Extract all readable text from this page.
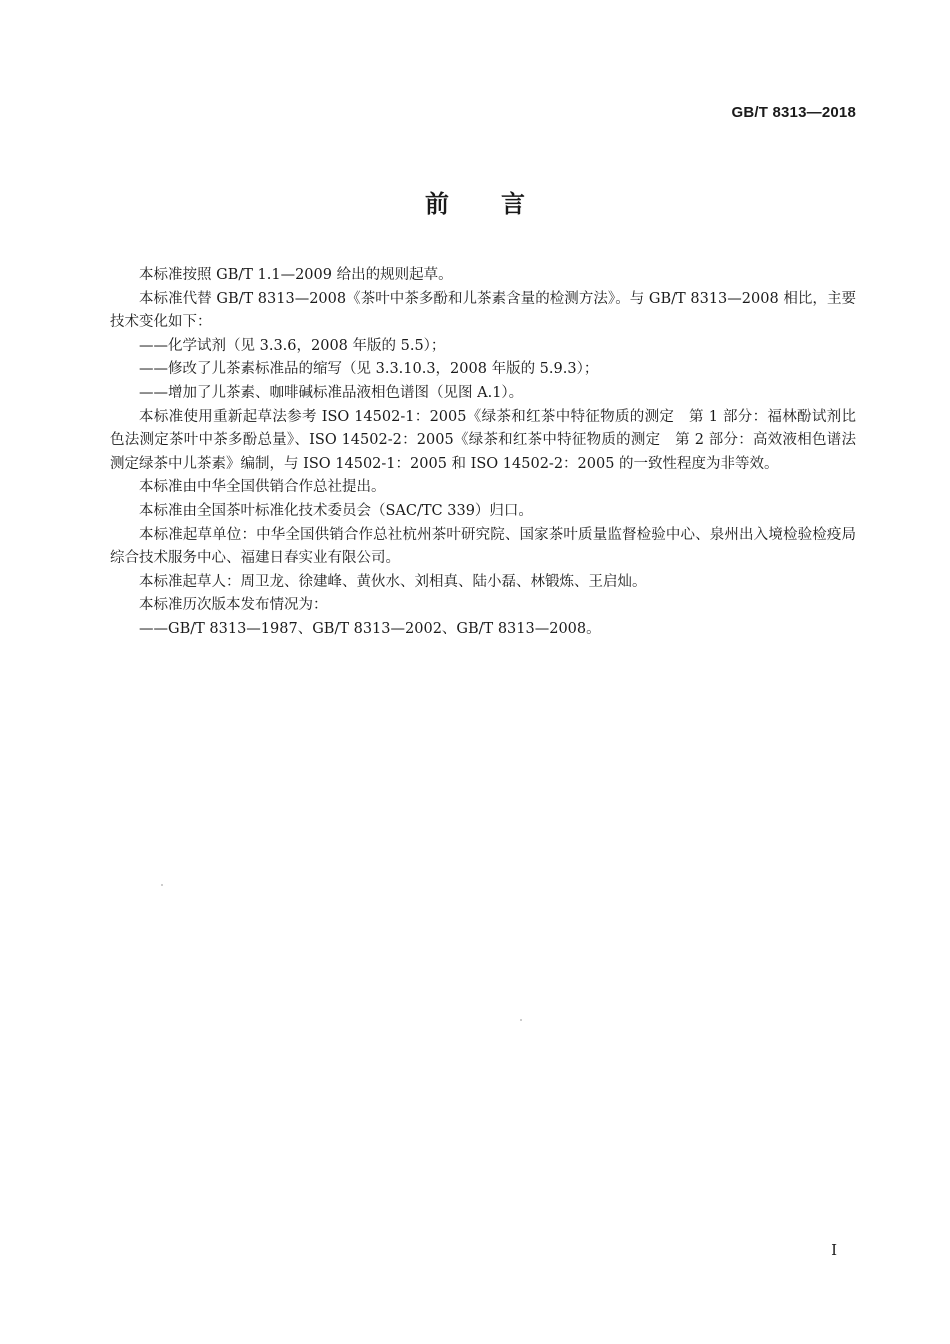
GB/T 8313—2018
前言

本标准按照 GB/T 1.1—2009 给出的规则起草。

本标准代替 GB/T 8313—2008《茶叶中茶多酚和儿茶素含量的检测方法》。与 GB/T 8313—2008 相比，主要技术变化如下：

——化学试剂（见 3.3.6，2008 年版的 5.5）；

——修改了儿茶素标准品的缩写（见 3.3.10.3，2008 年版的 5.9.3）；

——增加了儿茶素、咖啡碱标准品液相色谱图（见图 A.1）。

本标准使用重新起草法参考 ISO 14502-1：2005《绿茶和红茶中特征物质的测定　第 1 部分：福林酚试剂比色法测定茶叶中茶多酚总量》、ISO 14502-2：2005《绿茶和红茶中特征物质的测定　第 2 部分：高效液相色谱法测定绿茶中儿茶素》编制，与 ISO 14502-1：2005 和 ISO 14502-2：2005 的一致性程度为非等效。

本标准由中华全国供销合作总社提出。

本标准由全国茶叶标准化技术委员会（SAC/TC 339）归口。

本标准起草单位：中华全国供销合作总社杭州茶叶研究院、国家茶叶质量监督检验中心、泉州出入境检验检疫局综合技术服务中心、福建日春实业有限公司。

本标准起草人：周卫龙、徐建峰、黄伙水、刘相真、陆小磊、林锻炼、王启灿。

本标准历次版本发布情况为：

——GB/T 8313—1987、GB/T 8313—2002、GB/T 8313—2008。

I
